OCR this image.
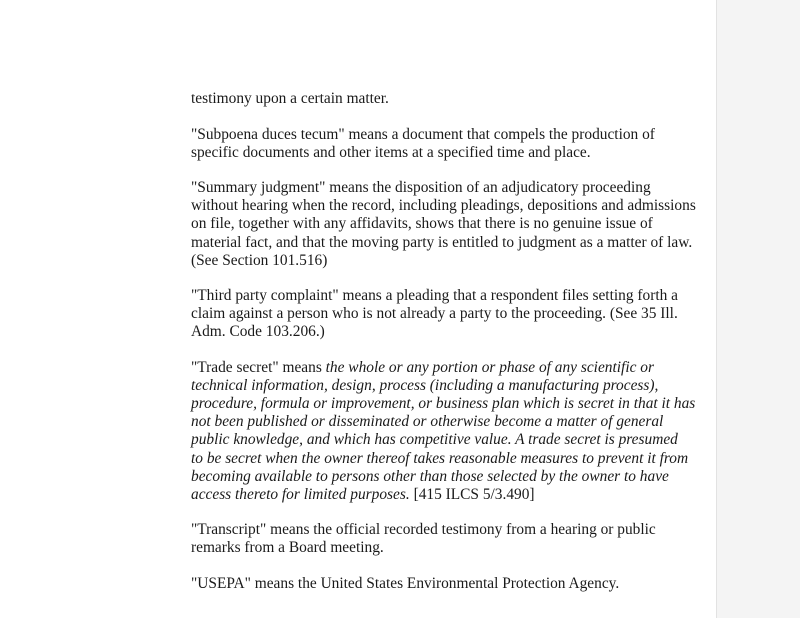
testimony upon a certain matter.

"Subpoena duces tecum" means a document that compels the production of
specific documents and other items at a specified time and place.

"Summary judgment" means the disposition of an adjudicatory proceeding
without hearing when the record, including pleadings, depositions and admissions
on file, together with any affidavits, shows that there is no genuine issue of
material fact, and that the moving party is entitled to judgment as a matter of law.
(See Section 101.516)

"Third party complaint" means a pleading that a respondent files setting forth a
claim against a person who is not already a party to the proceeding. (See 35 Ill.
Adm. Code 103.206.)

"Trade secret" means the whole or any portion or phase of any scientific or
technical information, design, process (including a manufacturing process),
procedure, formula or improvement, or business plan which is secret in that it has
not been published or disseminated or otherwise become a matter of general
public knowledge, and which has competitive value. A trade secret is presumed
to be secret when the owner thereof takes reasonable measures to prevent it from
becoming available to persons other than those selected by the owner to have
access thereto for limited purposes. [415 ILCS 5/3.490]

"Transcript" means the official recorded testimony from a hearing or public
remarks from a Board meeting.

"USEPA" means the United States Environmental Protection Agency.
